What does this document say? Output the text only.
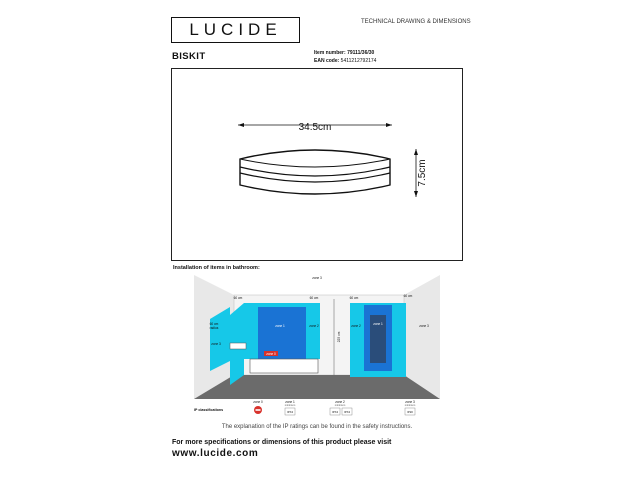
LUCIDE	TECHNICAL DRAWING & DIMENSIONS
BISKIT	Item number: 79111/36/30
EAN code: 5411212792174
34.5cm
7.5cm
Installation of items in bathroom:
zone 0
zone 1	zone 2	zone 1
zone 2
225 cm
zone 3
zone 3
zone 3
60 cm	60 cm	60 cm	60 cm
60 cm
radius
IP classifications
zone 0	zone 1
minimum
IPX4
zone 2
minimum
IPX4 IPX4
zone 3
minimum
IP20
The explanation of the IP ratings can be found in the safety instructions.
For more specifications or dimensions of this product please visit
www.lucide.com
